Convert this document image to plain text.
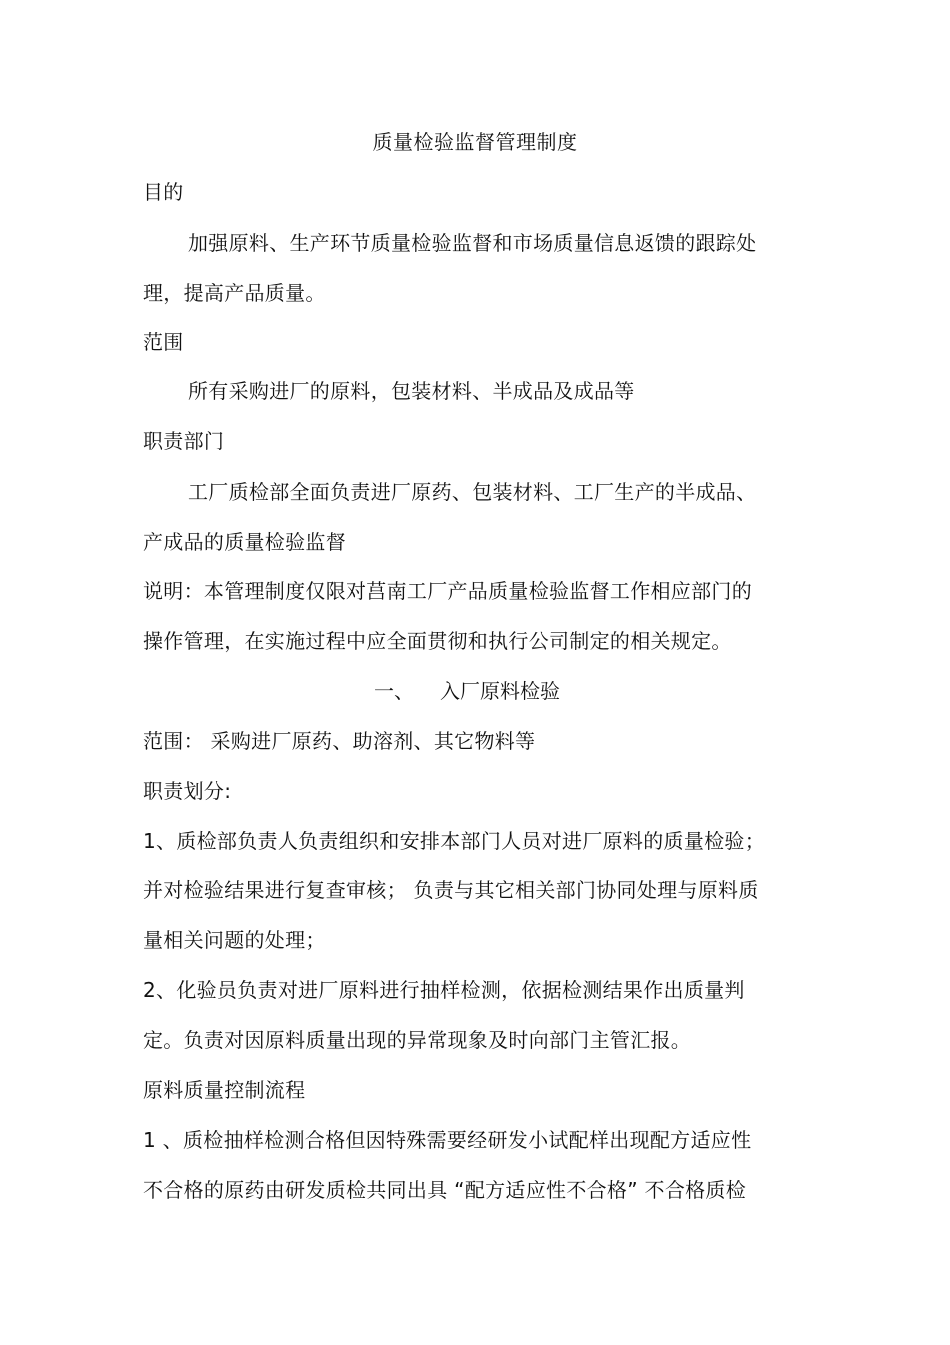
质量检验监督管理制度
目的
加强原料、生产环节质量检验监督和市场质量信息返馈的跟踪处
理，提高产品质量。
范围
所有采购进厂的原料，包装材料、半成品及成品等
职责部门
工厂质检部全面负责进厂原药、包装材料、工厂生产的半成品、
产成品的质量检验监督
说明：本管理制度仅限对莒南工厂产品质量检验监督工作相应部门的
操作管理，在实施过程中应全面贯彻和执行公司制定的相关规定。
一、 入厂原料检验
范围： 采购进厂原药、助溶剂、其它物料等
职责划分:
1、质检部负责人负责组织和安排本部门人员对进厂原料的质量检验；
并对检验结果进行复查审核； 负责与其它相关部门协同处理与原料质
量相关问题的处理；
2、化验员负责对进厂原料进行抽样检测，依据检测结果作出质量判
定。负责对因原料质量出现的异常现象及时向部门主管汇报。
原料质量控制流程
1 、质检抽样检测合格但因特殊需要经研发小试配样出现配方适应性
不合格的原药由研发质检共同出具 “配方适应性不合格” 不合格质检
